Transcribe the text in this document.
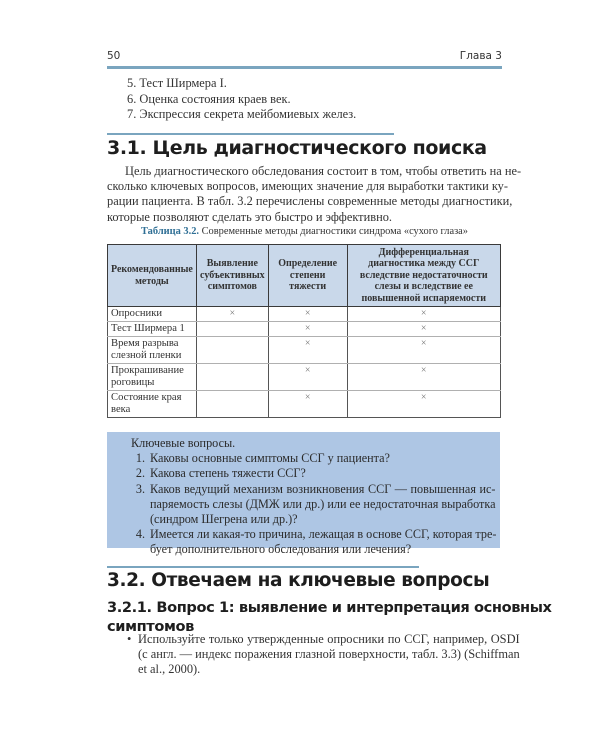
50	Глава 3
5. Тест Ширмера I.
6. Оценка состояния краев век.
7. Экспрессия секрета мейбомиевых желез.
3.1. Цель диагностического поиска
Цель диагностического обследования состоит в том, чтобы ответить на не-
сколько ключевых вопросов, имеющих значение для выработки тактики ку-
рации пациента. В табл. 3.2 перечислены современные методы диагностики,
которые позволяют сделать это быстро и эффективно.
Таблица 3.2. Современные методы диагностики синдрома «сухого глаза»
Рекомендованные методы	Выявление субъективных симптомов	Определение степени тяжести	Дифференциальная диагностика между ССГ вследствие недостаточности слезы и вследствие ее повышенной испаряемости
Опросники	×	×	×
Тест Ширмера 1		×	×
Время разрыва слезной пленки		×	×
Прокрашивание роговицы		×	×
Состояние края века		×	×
Ключевые вопросы.
1. Каковы основные симптомы ССГ у пациента?
2. Какова степень тяжести ССГ?
3. Каков ведущий механизм возникновения ССГ — повышенная ис-
паряемость слезы (ДМЖ или др.) или ее недостаточная выработка
(синдром Шегрена или др.)?
4. Имеется ли какая-то причина, лежащая в основе ССГ, которая тре-
бует дополнительного обследования или лечения?
3.2. Отвечаем на ключевые вопросы
3.2.1. Вопрос 1: выявление и интерпретация основных
симптомов
• Используйте только утвержденные опросники по ССГ, например, OSDI
(с англ. — индекс поражения глазной поверхности, табл. 3.3) (Schiffman
et al., 2000).
